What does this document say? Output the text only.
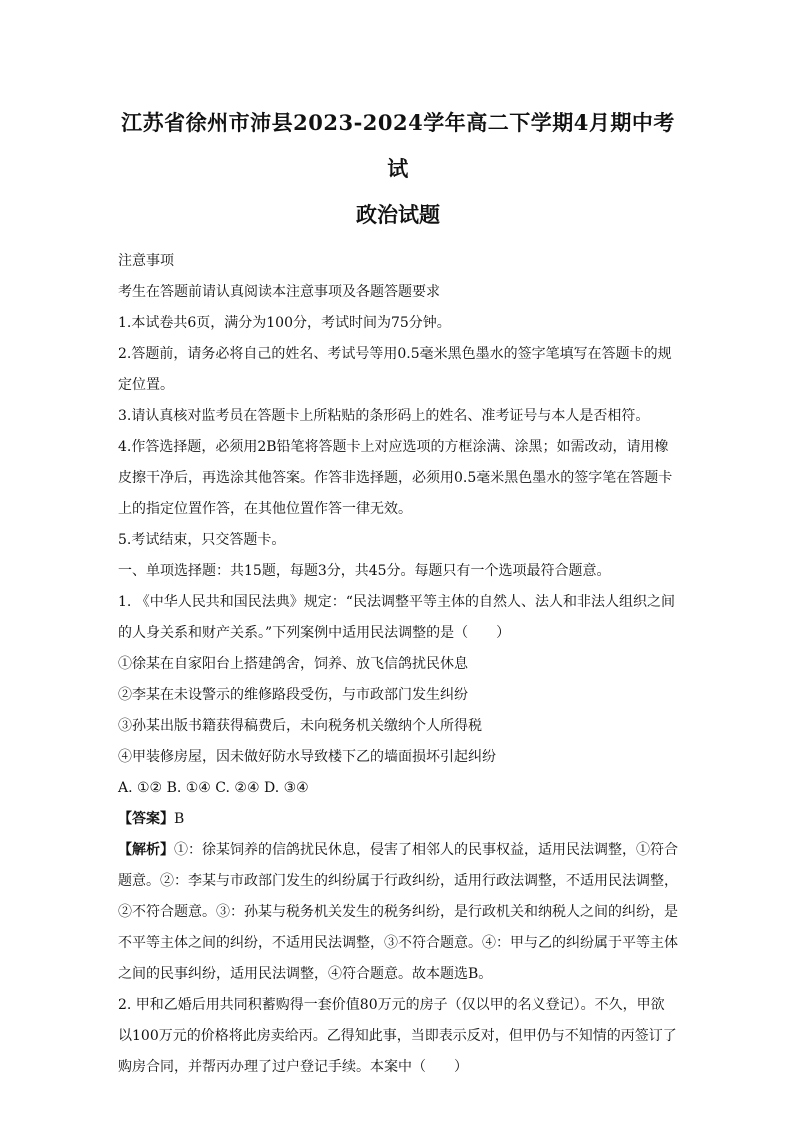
江苏省徐州市沛县2023-2024学年高二下学期4月期中考试
政治试题

注意事项

考生在答题前请认真阅读本注意事项及各题答题要求

1.本试卷共6页，满分为100分，考试时间为75分钟。

2.答题前，请务必将自己的姓名、考试号等用0.5毫米黑色墨水的签字笔填写在答题卡的规定位置。

3.请认真核对监考员在答题卡上所粘贴的条形码上的姓名、准考证号与本人是否相符。

4.作答选择题，必须用2B铅笔将答题卡上对应选项的方框涂满、涂黑；如需改动，请用橡皮擦干净后，再选涂其他答案。作答非选择题，必须用0.5毫米黑色墨水的签字笔在答题卡上的指定位置作答，在其他位置作答一律无效。

5.考试结束，只交答题卡。

一、单项选择题：共15题，每题3分，共45分。每题只有一个选项最符合题意。

1. 《中华人民共和国民法典》规定：“民法调整平等主体的自然人、法人和非法人组织之间的人身关系和财产关系。”下列案例中适用民法调整的是（　　）

①徐某在自家阳台上搭建鸽舍，饲养、放飞信鸽扰民休息

②李某在未设警示的维修路段受伤，与市政部门发生纠纷

③孙某出版书籍获得稿费后，未向税务机关缴纳个人所得税

④甲装修房屋，因未做好防水导致楼下乙的墙面损坏引起纠纷

A. ①② B. ①④ C. ②④ D. ③④

【答案】B

【解析】①：徐某饲养的信鸽扰民休息，侵害了相邻人的民事权益，适用民法调整，①符合题意。②：李某与市政部门发生的纠纷属于行政纠纷，适用行政法调整，不适用民法调整，②不符合题意。③：孙某与税务机关发生的税务纠纷，是行政机关和纳税人之间的纠纷，是不平等主体之间的纠纷，不适用民法调整，③不符合题意。④：甲与乙的纠纷属于平等主体之间的民事纠纷，适用民法调整，④符合题意。故本题选B。

2. 甲和乙婚后用共同积蓄购得一套价值80万元的房子（仅以甲的名义登记）。不久，甲欲以100万元的价格将此房卖给丙。乙得知此事，当即表示反对，但甲仍与不知情的丙签订了购房合同，并帮丙办理了过户登记手续。本案中（　　）
